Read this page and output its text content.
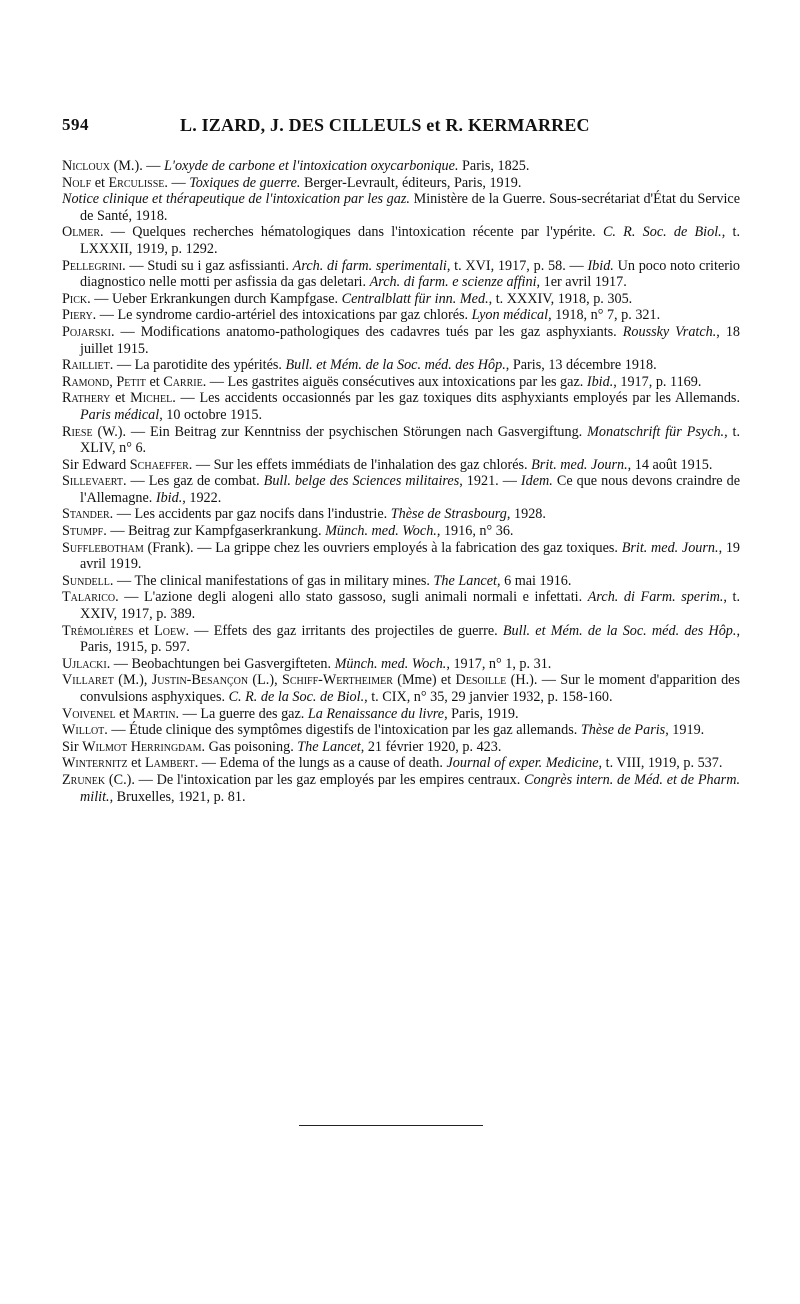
594	L. IZARD, J. DES CILLEULS et R. KERMARREC

Nicloux (M.). — L'oxyde de carbone et l'intoxication oxycarbonique. Paris, 1825.

Nolf et Erculisse. — Toxiques de guerre. Berger-Levrault, éditeurs, Paris, 1919.

Notice clinique et thérapeutique de l'intoxication par les gaz. Ministère de la Guerre. Sous-secrétariat d'État du Service de Santé, 1918.

Olmer. — Quelques recherches hématologiques dans l'intoxication récente par l'ypérite. C. R. Soc. de Biol., t. LXXXII, 1919, p. 1292.

Pellegrini. — Studi su i gaz asfissianti. Arch. di farm. sperimentali, t. XVI, 1917, p. 58. — Ibid. Un poco noto criterio diagnostico nelle motti per asfissia da gas deletari. Arch. di farm. e scienze affini, 1er avril 1917.

Pick. — Ueber Erkrankungen durch Kampfgase. Centralblatt für inn. Med., t. XXXIV, 1918, p. 305.

Piery. — Le syndrome cardio-artériel des intoxications par gaz chlorés. Lyon médical, 1918, n° 7, p. 321.

Pojarski. — Modifications anatomo-pathologiques des cadavres tués par les gaz asphyxiants. Roussky Vratch., 18 juillet 1915.

Railliet. — La parotidite des ypérités. Bull. et Mém. de la Soc. méd. des Hôp., Paris, 13 décembre 1918.

Ramond, Petit et Carrie. — Les gastrites aiguës consécutives aux intoxications par les gaz. Ibid., 1917, p. 1169.

Rathery et Michel. — Les accidents occasionnés par les gaz toxiques dits asphyxiants employés par les Allemands. Paris médical, 10 octobre 1915.

Riese (W.). — Ein Beitrag zur Kenntniss der psychischen Störungen nach Gasvergiftung. Monatschrift für Psych., t. XLIV, n° 6.

Sir Edward Schaeffer. — Sur les effets immédiats de l'inhalation des gaz chlorés. Brit. med. Journ., 14 août 1915.

Sillevaert. — Les gaz de combat. Bull. belge des Sciences militaires, 1921. — Idem. Ce que nous devons craindre de l'Allemagne. Ibid., 1922.

Stander. — Les accidents par gaz nocifs dans l'industrie. Thèse de Strasbourg, 1928.

Stumpf. — Beitrag zur Kampfgaserkrankung. Münch. med. Woch., 1916, n° 36.

Sufflebotham (Frank). — La grippe chez les ouvriers employés à la fabrication des gaz toxiques. Brit. med. Journ., 19 avril 1919.

Sundell. — The clinical manifestations of gas in military mines. The Lancet, 6 mai 1916.

Talarico. — L'azione degli alogeni allo stato gassoso, sugli animali normali e infettati. Arch. di Farm. sperim., t. XXIV, 1917, p. 389.

Trémolières et Loew. — Effets des gaz irritants des projectiles de guerre. Bull. et Mém. de la Soc. méd. des Hôp., Paris, 1915, p. 597.

Ujlacki. — Beobachtungen bei Gasvergifteten. Münch. med. Woch., 1917, n° 1, p. 31.

Villaret (M.), Justin-Besançon (L.), Schiff-Wertheimer (Mme) et Desoille (H.). — Sur le moment d'apparition des convulsions asphyxiques. C. R. de la Soc. de Biol., t. CIX, n° 35, 29 janvier 1932, p. 158-160.

Voivenel et Martin. — La guerre des gaz. La Renaissance du livre, Paris, 1919.

Willot. — Étude clinique des symptômes digestifs de l'intoxication par les gaz allemands. Thèse de Paris, 1919.

Sir Wilmot Herringdam. Gas poisoning. The Lancet, 21 février 1920, p. 423.

Winternitz et Lambert. — Edema of the lungs as a cause of death. Journal of exper. Medicine, t. VIII, 1919, p. 537.

Zrunek (C.). — De l'intoxication par les gaz employés par les empires centraux. Congrès intern. de Méd. et de Pharm. milit., Bruxelles, 1921, p. 81.
